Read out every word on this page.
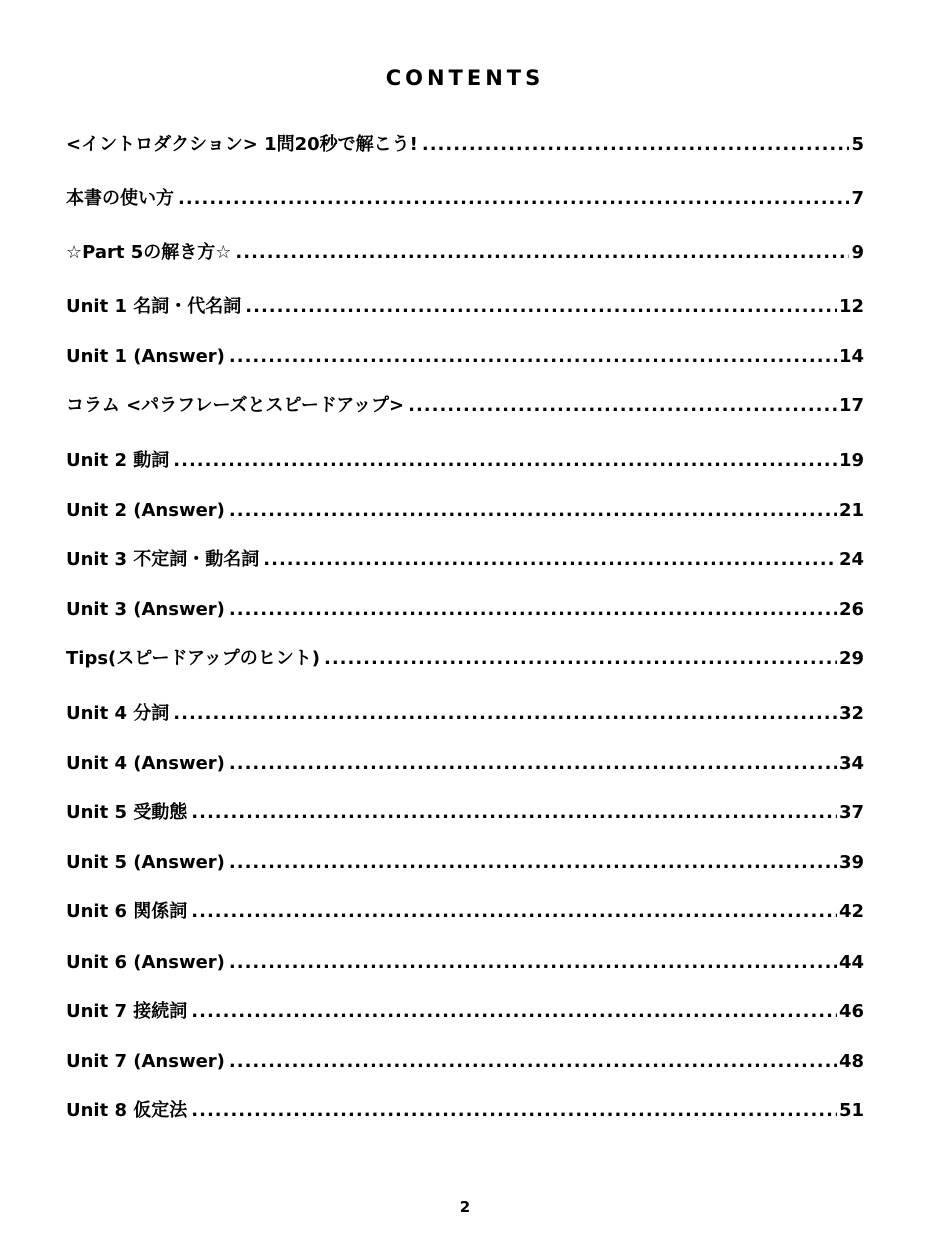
CONTENTS
<イントロダクション> 1問20秒で解こう! .....	5
本書の使い方 .....	7
☆Part 5の解き方☆ .....	9
Unit 1 名詞・代名詞 .....	12
Unit 1 (Answer) .....	14
コラム <パラフレーズとスピードアップ> .....	17
Unit 2 動詞 .....	19
Unit 2 (Answer) .....	21
Unit 3 不定詞・動名詞 .....	24
Unit 3 (Answer) .....	26
Tips(スピードアップのヒント) .....	29
Unit 4 分詞 .....	32
Unit 4 (Answer) .....	34
Unit 5 受動態 .....	37
Unit 5 (Answer) .....	39
Unit 6 関係詞 .....	42
Unit 6 (Answer) .....	44
Unit 7 接続詞 .....	46
Unit 7 (Answer) .....	48
Unit 8 仮定法 .....	51
2
